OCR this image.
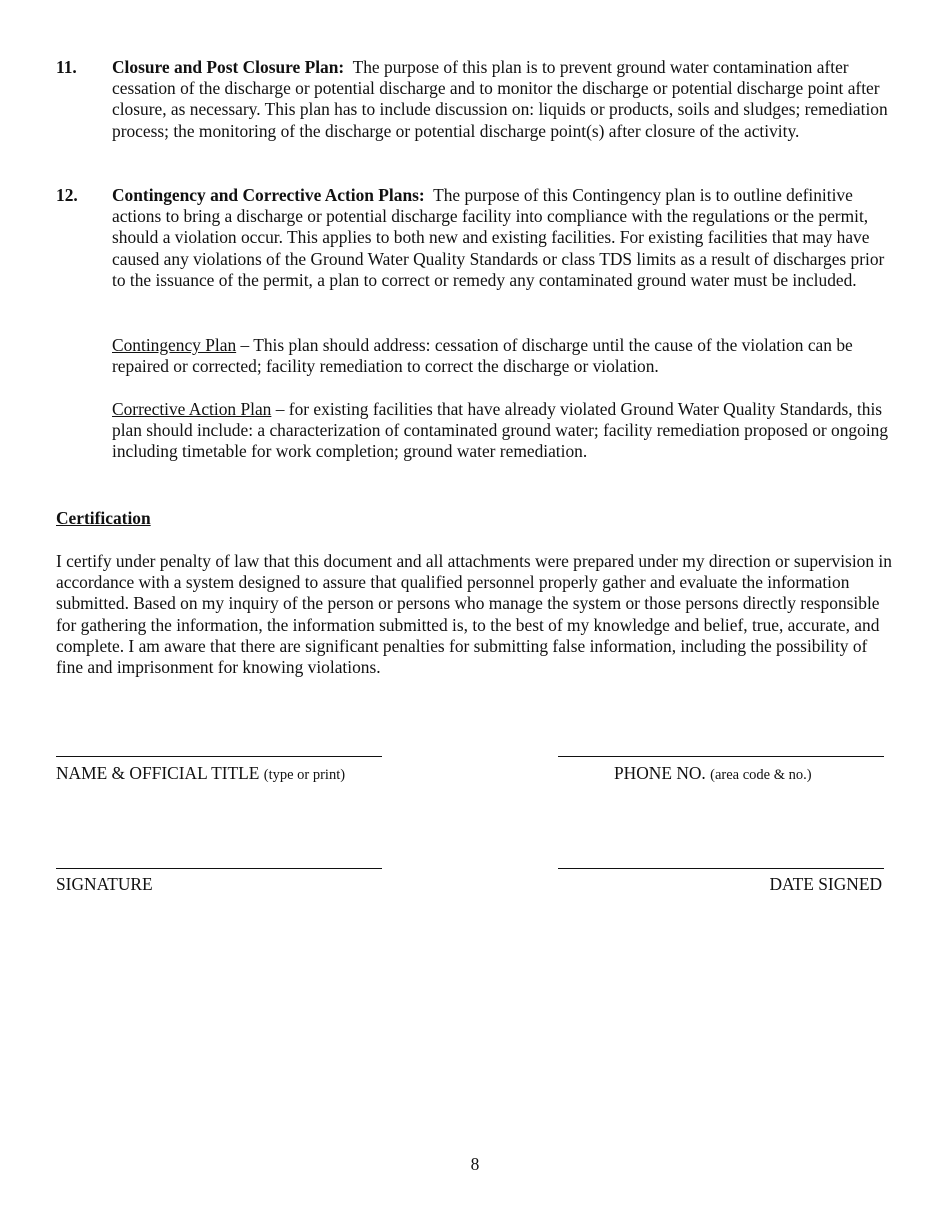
11. Closure and Post Closure Plan: The purpose of this plan is to prevent ground water contamination after cessation of the discharge or potential discharge and to monitor the discharge or potential discharge point after closure, as necessary. This plan has to include discussion on: liquids or products, soils and sludges; remediation process; the monitoring of the discharge or potential discharge point(s) after closure of the activity.
12. Contingency and Corrective Action Plans: The purpose of this Contingency plan is to outline definitive actions to bring a discharge or potential discharge facility into compliance with the regulations or the permit, should a violation occur. This applies to both new and existing facilities. For existing facilities that may have caused any violations of the Ground Water Quality Standards or class TDS limits as a result of discharges prior to the issuance of the permit, a plan to correct or remedy any contaminated ground water must be included.
Contingency Plan – This plan should address: cessation of discharge until the cause of the violation can be repaired or corrected; facility remediation to correct the discharge or violation.
Corrective Action Plan – for existing facilities that have already violated Ground Water Quality Standards, this plan should include: a characterization of contaminated ground water; facility remediation proposed or ongoing including timetable for work completion; ground water remediation.
Certification
I certify under penalty of law that this document and all attachments were prepared under my direction or supervision in accordance with a system designed to assure that qualified personnel properly gather and evaluate the information submitted. Based on my inquiry of the person or persons who manage the system or those persons directly responsible for gathering the information, the information submitted is, to the best of my knowledge and belief, true, accurate, and complete. I am aware that there are significant penalties for submitting false information, including the possibility of fine and imprisonment for knowing violations.
NAME & OFFICIAL TITLE (type or print)	PHONE NO. (area code & no.)
SIGNATURE	DATE SIGNED
8
